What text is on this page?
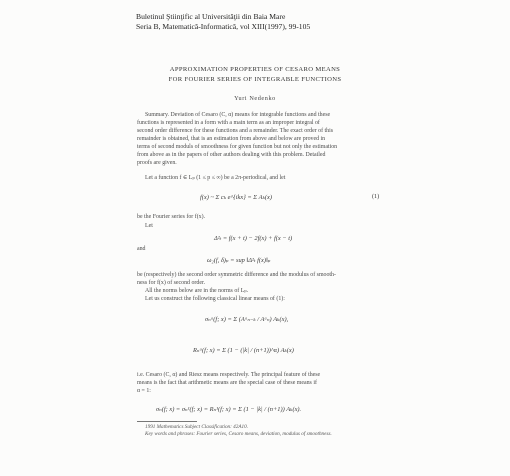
Buletinul Ştiinţific al Universităţii din Baia Mare
Seria B, Matematică-Informatică, vol XIII(1997), 99-105
APPROXIMATION PROPERTIES OF CESARO MEANS
FOR FOURIER SERIES OF INTEGRABLE FUNCTIONS
Yuri Nedenko
Summary. Deviation of Cesaro (C, α) means for integrable functions and these
functions is represented in a form with a main term as an improper integral of
second order difference for these functions and a remainder. The exact order of this
remainder is obtained, that is an estimation from above and below are proved in
terms of second moduls of smoothness for given function but not only the estimation
from above as in the papers of other authors dealing with this problem. Detailed
proofs are given.
Let a function f ∈ Lₚ (1 ≤ p ≤ ∞) be a 2π-periodical, and let
f(x) ~ Σ cₖ e^{ikx} = Σ Aₖ(x)	(1)
be the Fourier series for f(x).
Let
Δ²ₜ = f(x + t) − 2f(x) + f(x − t)
and
ω₂(f, δ)ₚ = sup ‖Δ²ₜ f(x)‖ₚ
be (respectively) the second order symmetric difference and the modulus of smooth-
ness for f(x) of second order.
All the norms below are in the norms of Lₚ.
Let us construct the following classical linear means of (1):
σₙᵅ(f; x) = Σ (Aᵅₙ₋ₖ / Aᵅₙ) Aₖ(x),
Rₙᵅ(f; x) = Σ (1 − (|k| / (n+1))^α) Aₖ(x)
i.e. Cesaro (C, α) and Riesz means respectively. The principal feature of these
means is the fact that arithmetic means are the special case of these means if
α = 1:
σₙ(f; x) = σₙ¹(f; x) = Rₙ¹(f; x) = Σ (1 − |k| / (n+1)) Aₖ(x).
1991 Mathematics Subject Classification: 42A10.
Key words and phrases: Fourier series, Cesaro means, deviation, modulus of smoothness.
